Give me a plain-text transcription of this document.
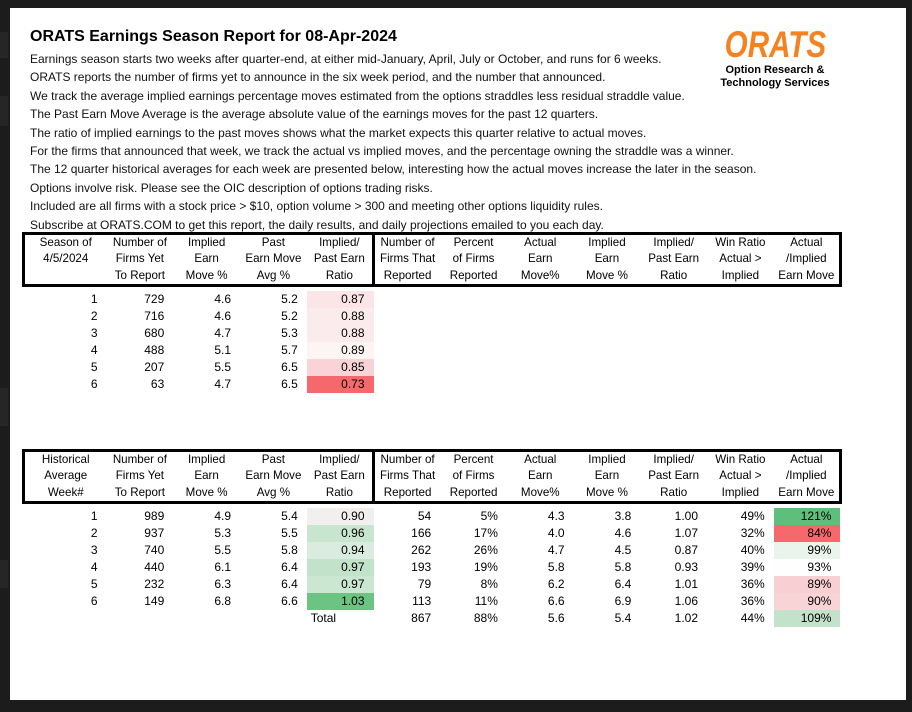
ORATS Earnings Season Report for 08-Apr-2024

Earnings season starts two weeks after quarter-end, at either mid-January, April, July or October, and runs for 6 weeks.

ORATS reports the number of firms yet to announce in the six week period, and the number that announced.

We track the average implied earnings percentage moves estimated from the options straddles less residual straddle value.

The Past Earn Move Average is the average absolute value of the earnings moves for the past 12 quarters.

The ratio of implied earnings to the past moves shows what the market expects this quarter relative to actual moves.

For the firms that announced that week, we track the actual vs implied moves, and the percentage owning the straddle was a winner.

The 12 quarter historical averages for each week are presented below, interesting how the actual moves increase the later in the season.

Options involve risk. Please see the OIC description of options trading risks.

Included are all firms with a stock price > $10, option volume > 300 and meeting other options liquidity rules.

Subscribe at ORATS.COM to get this report, the daily results, and daily projections emailed to you each day.

ORATS
Option Research &
Technology Services
Season of	Number of	Implied	Past	Implied/	Number of	Percent	Actual	Implied	Implied/	Win Ratio	Actual
4/5/2024	Firms Yet	Earn	Earn Move	Past Earn	Firms That	of Firms	Earn	Earn	Past Earn	Actual >	/Implied
	To Report	Move %	Avg %	Ratio	Reported	Reported	Move%	Move %	Ratio	Implied	Earn Move

1	729	4.6	5.2	0.87							
2	716	4.6	5.2	0.88							
3	680	4.7	5.3	0.88							
4	488	5.1	5.7	0.89							
5	207	5.5	6.5	0.85							
6	63	4.7	6.5	0.73							
Historical	Number of	Implied	Past	Implied/	Number of	Percent	Actual	Implied	Implied/	Win Ratio	Actual
Average	Firms Yet	Earn	Earn Move	Past Earn	Firms That	of Firms	Earn	Earn	Past Earn	Actual >	/Implied
Week#	To Report	Move %	Avg %	Ratio	Reported	Reported	Move%	Move %	Ratio	Implied	Earn Move

1	989	4.9	5.4	0.90	54	5%	4.3	3.8	1.00	49%	121%
2	937	5.3	5.5	0.96	166	17%	4.0	4.6	1.07	32%	84%
3	740	5.5	5.8	0.94	262	26%	4.7	4.5	0.87	40%	99%
4	440	6.1	6.4	0.97	193	19%	5.8	5.8	0.93	39%	93%
5	232	6.3	6.4	0.97	79	8%	6.2	6.4	1.01	36%	89%
6	149	6.8	6.6	1.03	113	11%	6.6	6.9	1.06	36%	90%
				Total	867	88%	5.6	5.4	1.02	44%	109%
